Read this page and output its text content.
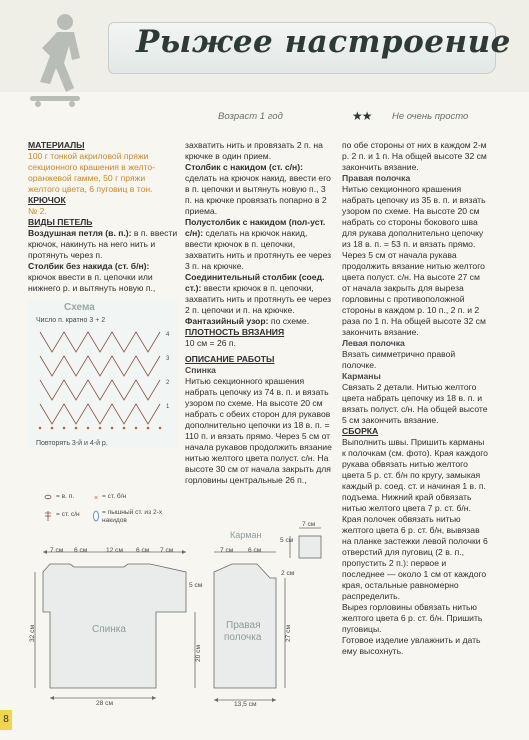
Рыжее настроение
Возраст 1 год	★★ Не очень просто

МАТЕРИАЛЫ

100 г тонкой акриловой пряжи секционного крашения в желто-оранжевой гамме, 50 г пряжи желтого цвета, 6 пуговиц в тон.

КРЮЧОК

№ 2.

ВИДЫ ПЕТЕЛЬ

Воздушная петля (в. п.): в п. ввести крючок, накинуть на него нить и протянуть через п.

Столбик без накида (ст. б/н): крючок ввести в п. цепочки или нижнего р. и вытянуть новую п.,

4
3
2
1
Схема
Число п. кратно 3 + 2
Повторять 3-й и 4-й р.
×
= в. п.	= ст. б/н
= ст. с/н	= пышный ст. из 2-х накидов

захватить нить и провязать 2 п. на крючке в один прием.

Столбик с накидом (ст. с/н): сделать на крючок накид, ввести его в п. цепочки и вытянуть новую п., 3 п. на крючке провязать попарно в 2 приема.

Полустолбик с накидом (пол-уст. с/н): сделать на крючок накид, ввести крючок в п. цепочки, захватить нить и протянуть ее через 3 п. на крючке.

Соединительный столбик (соед. ст.): ввести крючок в п. цепочки, захватить нить и протянуть ее через 2 п. цепочки и п. на крючке.

Фантазийный узор: по схеме.

ПЛОТНОСТЬ ВЯЗАНИЯ

10 см = 26 п.

ОПИСАНИЕ РАБОТЫ

Спинка

Нитью секционного крашения набрать цепочку из 74 в. п. и вязать узором по схеме. На высоте 20 см набрать с обеих сторон для рукавов дополнительно цепочки из 18 в. п. = 110 п. и вязать прямо. Через 5 см от начала рукавов продолжить вязание нитью желтого цвета полуст. с/н. На высоте 30 см от начала закрыть для горловины центральные 26 п.,

по обе стороны от них в каждом 2-м р. 2 п. и 1 п. На общей высоте 32 см закончить вязание.

Правая полочка

Нитью секционного крашения набрать цепочку из 35 в. п. и вязать узором по схеме. На высоте 20 см набрать со стороны бокового шва для рукава дополнительно цепочку из 18 в. п. = 53 п. и вязать прямо. Через 5 см от начала рукава продолжить вязание нитью желтого цвета полуст. с/н. На высоте 27 см от начала закрыть для выреза горловины с противоположной стороны в каждом р. 10 п., 2 п. и 2 раза по 1 п. На общей высоте 32 см закончить вязание.

Левая полочка

Вязать симметрично правой полочке.

Карманы

Связать 2 детали. Нитью желтого цвета набрать цепочку из 18 в. п. и вязать полуст. с/н. На общей высоте 5 см закончить вязание.

СБОРКА

Выполнить швы. Пришить карманы к полочкам (см. фото). Края каждого рукава обвязать нитью желтого цвета 5 р. ст. б/н по кругу, замыкая каждый р. соед. ст. и начиная 1 в. п. подъема. Нижний край обвязать нитью желтого цвета 7 р. ст. б/н. Края полочек обвязать нитью желтого цвета 6 р. ст. б/н, вывязав на планке застежки левой полочки 6 отверстий для пуговиц (2 в. п., пропустить 2 п.): первое и последнее — около 1 см от каждого края, остальные равномерно распределить.

Вырез горловины обвязать нитью желтого цвета 6 р. ст. б/н. Пришить пуговицы.

Готовое изделие увлажнить и дать ему высохнуть.

7 см 6 см	12 см 6 см 7 см	7 см 6 см
5 см
2 см
7 см
5 см
32 см
20 см
27 см
28 см	13,5 см
Спинка	Правая
полочка
Карман
8
